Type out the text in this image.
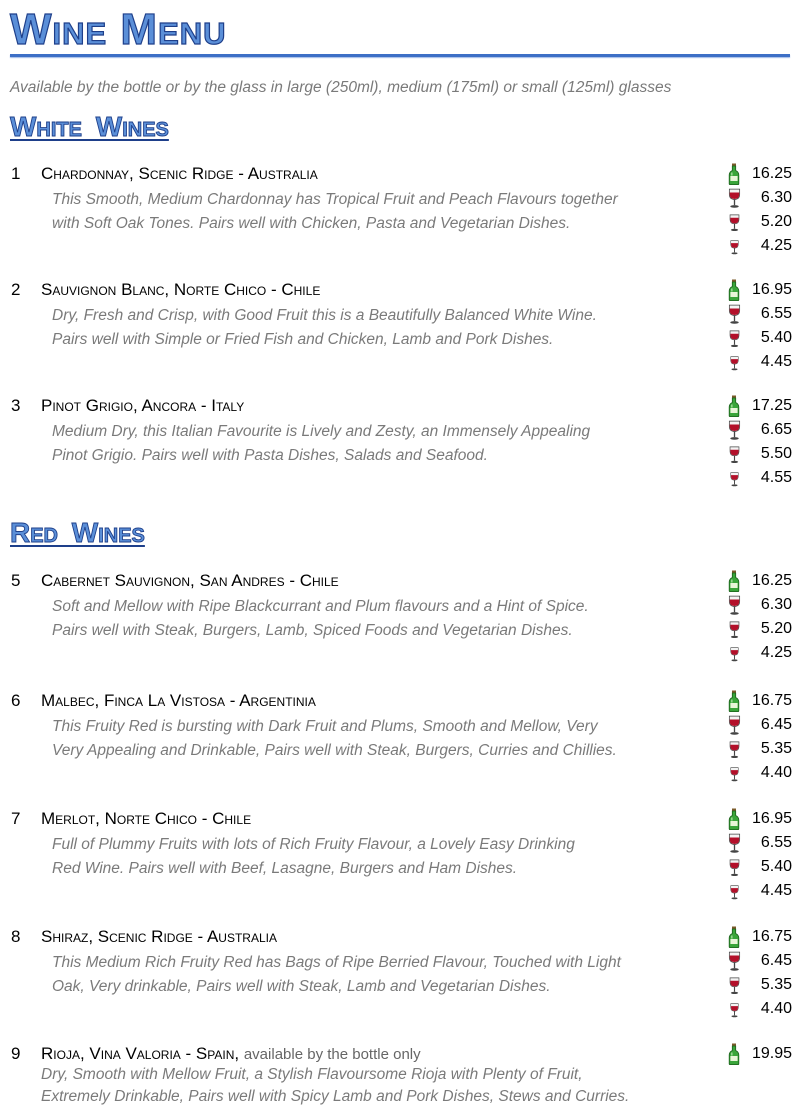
Wine Menu
Available by the bottle or by the glass in large (250ml), medium (175ml) or small (125ml) glasses
White Wines
Red Wines
1 Chardonnay, Scenic Ridge - Australia
This Smooth, Medium Chardonnay has Tropical Fruit and Peach Flavours together
with Soft Oak Tones. Pairs well with Chicken, Pasta and Vegetarian Dishes.
16.25
6.30
5.20
4.25
2 Sauvignon Blanc, Norte Chico - Chile
Dry, Fresh and Crisp, with Good Fruit this is a Beautifully Balanced White Wine.
Pairs well with Simple or Fried Fish and Chicken, Lamb and Pork Dishes.
16.95
6.55
5.40
4.45
3 Pinot Grigio, Ancora - Italy
Medium Dry, this Italian Favourite is Lively and Zesty, an Immensely Appealing
Pinot Grigio. Pairs well with Pasta Dishes, Salads and Seafood.
17.25
6.65
5.50
4.55
5 Cabernet Sauvignon, San Andres - Chile
Soft and Mellow with Ripe Blackcurrant and Plum flavours and a Hint of Spice.
Pairs well with Steak, Burgers, Lamb, Spiced Foods and Vegetarian Dishes.
16.25
6.30
5.20
4.25
6 Malbec, Finca La Vistosa - Argentinia
This Fruity Red is bursting with Dark Fruit and Plums, Smooth and Mellow, Very
Very Appealing and Drinkable, Pairs well with Steak, Burgers, Curries and Chillies.
16.75
6.45
5.35
4.40
7 Merlot, Norte Chico - Chile
Full of Plummy Fruits with lots of Rich Fruity Flavour, a Lovely Easy Drinking
Red Wine. Pairs well with Beef, Lasagne, Burgers and Ham Dishes.
16.95
6.55
5.40
4.45
8 Shiraz, Scenic Ridge - Australia
This Medium Rich Fruity Red has Bags of Ripe Berried Flavour, Touched with Light
Oak, Very drinkable, Pairs well with Steak, Lamb and Vegetarian Dishes.
16.75
6.45
5.35
4.40
9 Rioja, Vina Valoria - Spain, available by the bottle only
Dry, Smooth with Mellow Fruit, a Stylish Flavoursome Rioja with Plenty of Fruit,
Extremely Drinkable, Pairs well with Spicy Lamb and Pork Dishes, Stews and Curries.
19.95
